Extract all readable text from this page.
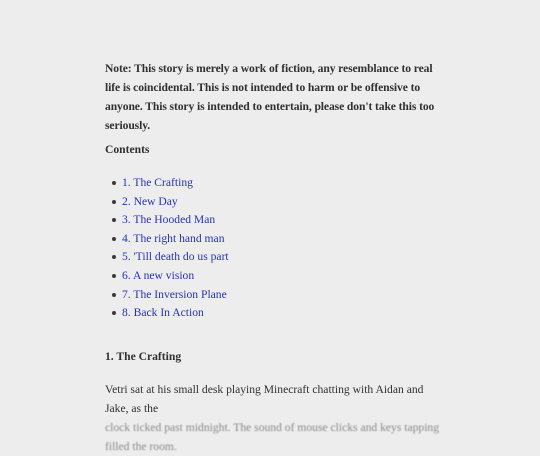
Note: This story is merely a work of fiction, any resemblance to real life is coincidental. This is not intended to harm or be offensive to anyone. This story is intended to entertain, please don't take this too seriously.

Contents

1. The Crafting
2. New Day
3. The Hooded Man
4. The right hand man
5. 'Till death do us part
6. A new vision
7. The Inversion Plane
8. Back In Action

1. The Crafting

Vetri sat at his small desk playing Minecraft chatting with Aidan and Jake, as the
clock ticked past midnight. The sound of mouse clicks and keys tapping filled the room.
